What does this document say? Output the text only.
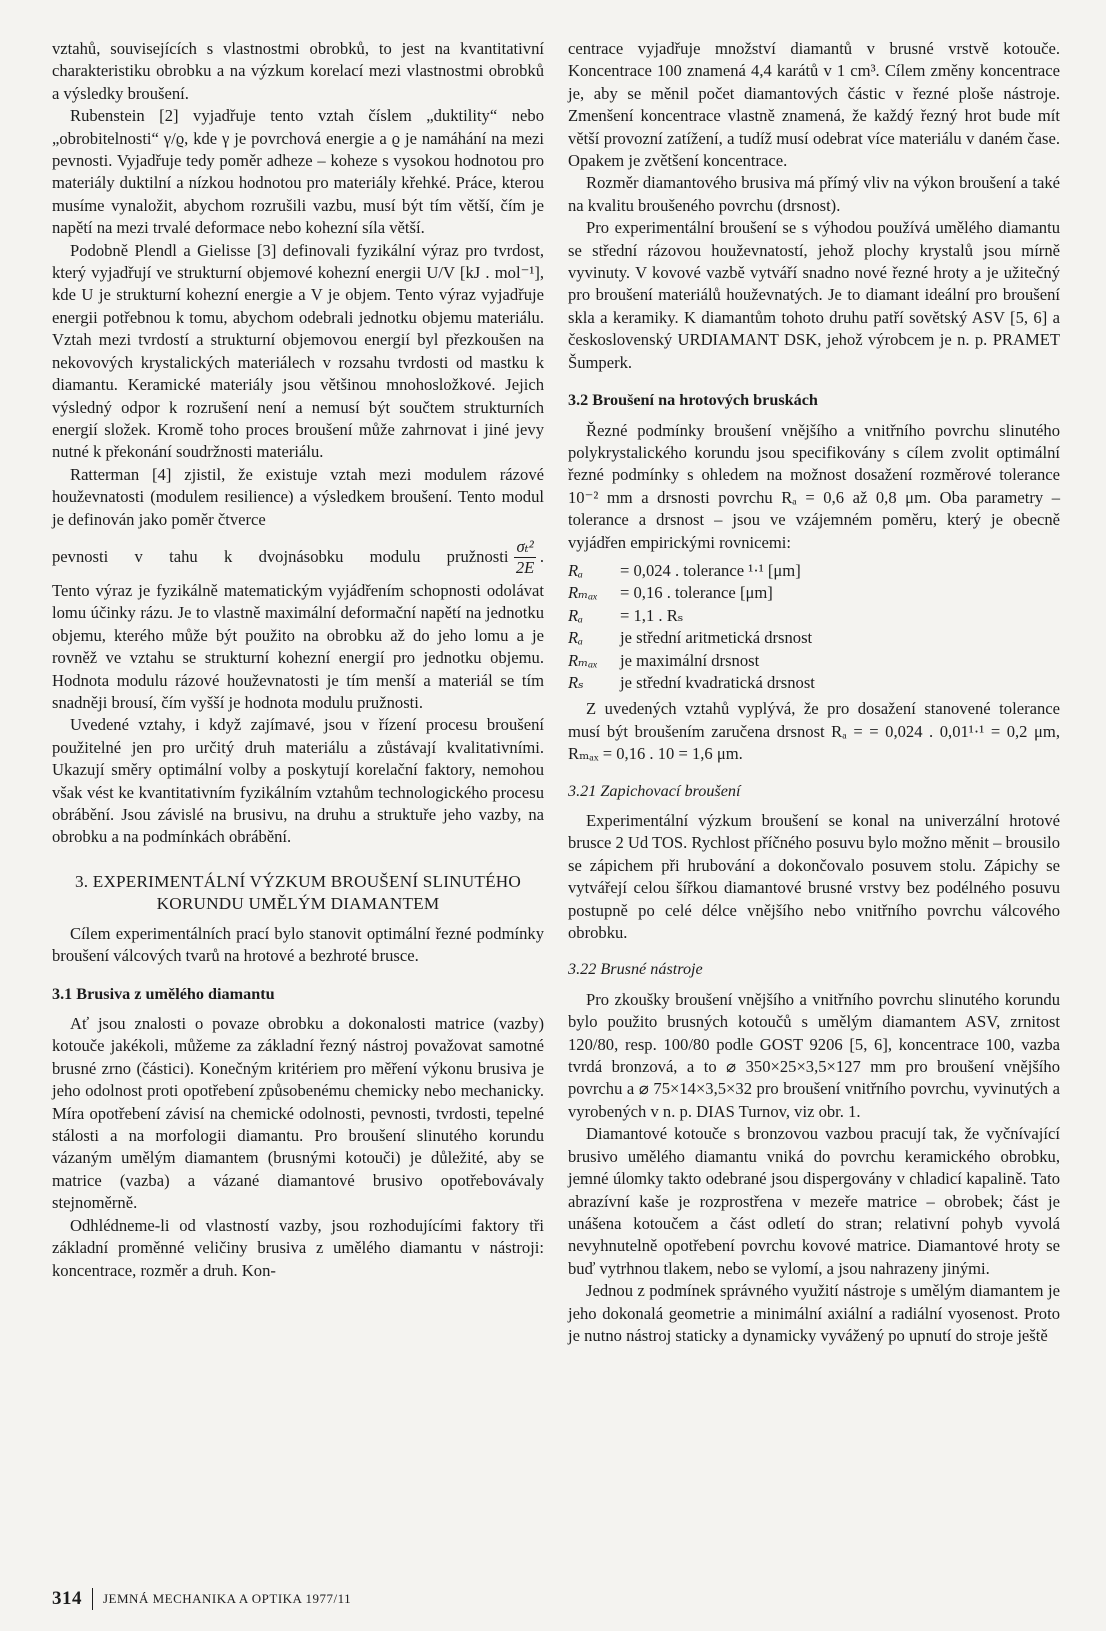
vztahů, souvisejících s vlastnostmi obrobků, to jest na kvantitativní charakteristiku obrobku a na výzkum korelací mezi vlastnostmi obrobků a výsledky broušení.

Rubenstein [2] vyjadřuje tento vztah číslem „duktility“ nebo „obrobitelnosti“ γ/ϱ, kde γ je povrchová energie a ϱ je namáhání na mezi pevnosti. Vyjadřuje tedy poměr adheze – koheze s vysokou hodnotou pro materiály duktilní a nízkou hodnotou pro materiály křehké. Práce, kterou musíme vynaložit, abychom rozrušili vazbu, musí být tím větší, čím je napětí na mezi trvalé deformace nebo kohezní síla větší.

Podobně Plendl a Gielisse [3] definovali fyzikální výraz pro tvrdost, který vyjadřují ve strukturní objemové kohezní energii U/V [kJ . mol⁻¹], kde U je strukturní kohezní energie a V je objem. Tento výraz vyjadřuje energii potřebnou k tomu, abychom odebrali jednotku objemu materiálu. Vztah mezi tvrdostí a strukturní objemovou energií byl přezkoušen na nekovových krystalických materiálech v rozsahu tvrdosti od mastku k diamantu. Keramické materiály jsou většinou mnohosložkové. Jejich výsledný odpor k rozrušení není a nemusí být součtem strukturních energií složek. Kromě toho proces broušení může zahrnovat i jiné jevy nutné k překonání soudržnosti materiálu.

Ratterman [4] zjistil, že existuje vztah mezi modulem rázové houževnatosti (modulem resilience) a výsledkem broušení. Tento modul je definován jako poměr čtverce

pevnosti v tahu k dvojnásobku modulu pružnosti $\frac{\text{σₜ²}}{2E}$ .

Tento výraz je fyzikálně matematickým vyjádřením schopnosti odolávat lomu účinky rázu. Je to vlastně maximální deformační napětí na jednotku objemu, kterého může být použito na obrobku až do jeho lomu a je rovněž ve vztahu se strukturní kohezní energií pro jednotku objemu. Hodnota modulu rázové houževnatosti je tím menší a materiál se tím snadněji brousí, čím vyšší je hodnota modulu pružnosti.

Uvedené vztahy, i když zajímavé, jsou v řízení procesu broušení použitelné jen pro určitý druh materiálu a zůstávají kvalitativními. Ukazují směry optimální volby a poskytují korelační faktory, nemohou však vést ke kvantitativním fyzikálním vztahům technologického procesu obrábění. Jsou závislé na brusivu, na druhu a struktuře jeho vazby, na obrobku a na podmínkách obrábění.

3. EXPERIMENTÁLNÍ VÝZKUM BROUŠENÍ SLINUTÉHO KORUNDU UMĚLÝM DIAMANTEM

Cílem experimentálních prací bylo stanovit optimální řezné podmínky broušení válcových tvarů na hrotové a bezhroté brusce.

3.1 Brusiva z umělého diamantu

Ať jsou znalosti o povaze obrobku a dokonalosti matrice (vazby) kotouče jakékoli, můžeme za základní řezný nástroj považovat samotné brusné zrno (částici). Konečným kritériem pro měření výkonu brusiva je jeho odolnost proti opotřebení způsobenému chemicky nebo mechanicky. Míra opotřebení závisí na chemické odolnosti, pevnosti, tvrdosti, tepelné stálosti a na morfologii diamantu. Pro broušení slinutého korundu vázaným umělým diamantem (brusnými kotouči) je důležité, aby se matrice (vazba) a vázané diamantové brusivo opotřebovávaly stejnoměrně.

Odhlédneme-li od vlastností vazby, jsou rozhodujícími faktory tři základní proměnné veličiny brusiva z umělého diamantu v nástroji: koncentrace, rozměr a druh. Kon-

centrace vyjadřuje množství diamantů v brusné vrstvě kotouče. Koncentrace 100 znamená 4,4 karátů v 1 cm³. Cílem změny koncentrace je, aby se měnil počet diamantových částic v řezné ploše nástroje. Zmenšení koncentrace vlastně znamená, že každý řezný hrot bude mít větší provozní zatížení, a tudíž musí odebrat více materiálu v daném čase. Opakem je zvětšení koncentrace.

Rozměr diamantového brusiva má přímý vliv na výkon broušení a také na kvalitu broušeného povrchu (drsnost).

Pro experimentální broušení se s výhodou používá umělého diamantu se střední rázovou houževnatostí, jehož plochy krystalů jsou mírně vyvinuty. V kovové vazbě vytváří snadno nové řezné hroty a je užitečný pro broušení materiálů houževnatých. Je to diamant ideální pro broušení skla a keramiky. K diamantům tohoto druhu patří sovětský ASV [5, 6] a československý URDIAMANT DSK, jehož výrobcem je n. p. PRAMET Šumperk.

3.2 Broušení na hrotových bruskách

Řezné podmínky broušení vnějšího a vnitřního povrchu slinutého polykrystalického korundu jsou specifikovány s cílem zvolit optimální řezné podmínky s ohledem na možnost dosažení rozměrové tolerance 10⁻² mm a drsnosti povrchu Rₐ = 0,6 až 0,8 μm. Oba parametry – tolerance a drsnost – jsou ve vzájemném poměru, který je obecně vyjádřen empirickými rovnicemi:

Rₐ	= 0,024 . tolerance ¹·¹ [μm]
Rₘₐₓ	= 0,16 . tolerance [μm]
Rₐ	= 1,1 . Rₛ
Rₐ	je střední aritmetická drsnost
Rₘₐₓ	je maximální drsnost
Rₛ	je střední kvadratická drsnost

Z uvedených vztahů vyplývá, že pro dosažení stanovené tolerance musí být broušením zaručena drsnost Rₐ = = 0,024 . 0,01¹·¹ = 0,2 μm, Rₘₐₓ = 0,16 . 10 = 1,6 μm.

3.21 Zapichovací broušení

Experimentální výzkum broušení se konal na univerzální hrotové brusce 2 Ud TOS. Rychlost příčného posuvu bylo možno měnit – brousilo se zápichem při hrubování a dokončovalo posuvem stolu. Zápichy se vytvářejí celou šířkou diamantové brusné vrstvy bez podélného posuvu postupně po celé délce vnějšího nebo vnitřního povrchu válcového obrobku.

3.22 Brusné nástroje

Pro zkoušky broušení vnějšího a vnitřního povrchu slinutého korundu bylo použito brusných kotoučů s umělým diamantem ASV, zrnitost 120/80, resp. 100/80 podle GOST 9206 [5, 6], koncentrace 100, vazba tvrdá bronzová, a to ⌀ 350×25×3,5×127 mm pro broušení vnějšího povrchu a ⌀ 75×14×3,5×32 pro broušení vnitřního povrchu, vyvinutých a vyrobených v n. p. DIAS Turnov, viz obr. 1.

Diamantové kotouče s bronzovou vazbou pracují tak, že vyčnívající brusivo umělého diamantu vniká do povrchu keramického obrobku, jemné úlomky takto odebrané jsou dispergovány v chladicí kapalině. Tato abrazívní kaše je rozprostřena v mezeře matrice – obrobek; část je unášena kotoučem a část odletí do stran; relativní pohyb vyvolá nevyhnutelně opotřebení povrchu kovové matrice. Diamantové hroty se buď vytrhnou tlakem, nebo se vylomí, a jsou nahrazeny jinými.

Jednou z podmínek správného využití nástroje s umělým diamantem je jeho dokonalá geometrie a minimální axiální a radiální vyosenost. Proto je nutno nástroj staticky a dynamicky vyvážený po upnutí do stroje ještě

314 JEMNÁ MECHANIKA A OPTIKA 1977/11
